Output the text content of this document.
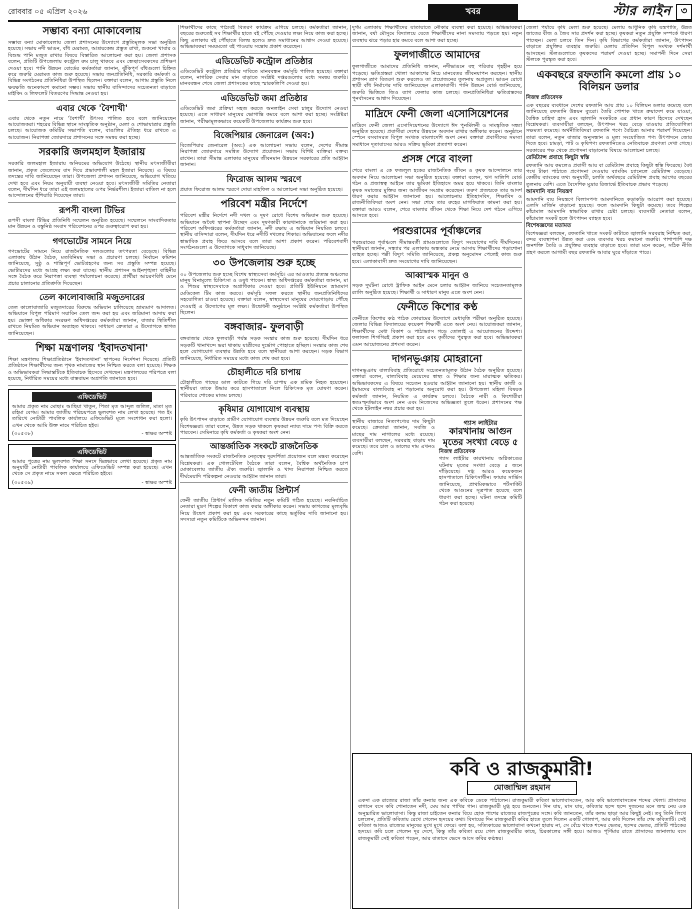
রোববার ০৫ এপ্রিল ২০২৬	খবর	স্টার লাইন ৩
সম্ভাব্য বন্যা মোকাবেলায়
সম্ভাব্য বন্যা মোকাবেলায় জেলা প্রশাসনের উদ্যোগে প্রস্তুতিমূলক সভা অনুষ্ঠিত হয়েছে। সভায় নদী ভাঙন, বাঁধ মেরামত, আশ্রয়কেন্দ্র প্রস্তুত রাখা, শুকনো খাবার ও বিশুদ্ধ পানি মজুত রাখার বিষয়ে বিস্তারিত আলোচনা করা হয়। জেলা প্রশাসক বলেন, প্রতিটি উপজেলায় কন্ট্রোল রুম চালু থাকবে এবং স্বেচ্ছাসেবকদের প্রশিক্ষণ দেওয়া হবে। পানি উন্নয়ন বোর্ডের কর্মকর্তারা জানান, ঝুঁকিপূর্ণ বাঁধগুলো চিহ্নিত করে জরুরি মেরামত কাজ শুরু হয়েছে। সভায় জনপ্রতিনিধি, সরকারি কর্মকর্তা ও বিভিন্ন সংগঠনের প্রতিনিধিরা উপস্থিত ছিলেন। বক্তারা বলেন, আগাম প্রস্তুতি নিলে ক্ষয়ক্ষতি অনেকাংশে কমানো সম্ভব। সভায় স্থানীয় বাসিন্দাদের সচেতনতা বাড়াতে মাইকিং ও লিফলেট বিতরণের সিদ্ধান্ত নেওয়া হয়।
এবার থেকে 'বৈশাখী'
এবার থেকে নতুন নামে 'বৈশাখী' উৎসব পালিত হবে বলে জানিয়েছেন আয়োজকরা। শহরের বিভিন্ন স্থানে সাংস্কৃতিক অনুষ্ঠান, মেলা ও শোভাযাত্রার প্রস্তুতি চলছে। আয়োজক কমিটির সভাপতি বলেন, বাঙালির ঐতিহ্য ধরে রাখতে এ আয়োজন। নিরাপত্তা জোরদারে প্রশাসনের সঙ্গে সমন্বয় করা হচ্ছে।
সরকারি জলমহাল ইজারায়
সরকারি জলমহাল ইজারায় অনিয়মের অভিযোগ উঠেছে। স্থানীয় মৎস্যজীবীরা জানান, প্রকৃত জেলেদের বাদ দিয়ে প্রভাবশালী মহল ইজারা নিয়েছে। এ বিষয়ে তদন্তের দাবি জানিয়েছেন তারা। উপজেলা প্রশাসন জানিয়েছে, অভিযোগ খতিয়ে দেখা হবে এবং নিয়ম অনুযায়ী ব্যবস্থা নেওয়া হবে। মৎস্যজীবী সমিতির নেতারা বলেন, দীর্ঘদিন ধরে তারা এই জলমহালের ওপর নির্ভরশীল। ইজারা বাতিল না হলে আন্দোলনের হুঁশিয়ারি দিয়েছেন তারা।
রূপসী বাংলা টিভির
রূপসী বাংলা টিভির প্রতিনিধি সম্মেলন অনুষ্ঠিত হয়েছে। সম্মেলনে সাংবাদিকতার মান উন্নয়ন ও বস্তুনিষ্ঠ সংবাদ পরিবেশনের ওপর গুরুত্বারোপ করা হয়।
গণভোটের সামনে নিয়ে
গণভোটের সামনে নিয়ে রাজনৈতিক দলগুলোর তৎপরতা বেড়েছে। বিভিন্ন এলাকায় উঠান বৈঠক, মতবিনিময় সভা ও প্রচারণা চলছে। নির্বাচন কমিশন জানিয়েছে, সুষ্ঠু ও শান্তিপূর্ণ ভোটগ্রহণের জন্য সব প্রস্তুতি সম্পন্ন হয়েছে। ভোটারদের মধ্যে আগ্রহ লক্ষ্য করা যাচ্ছে। স্থানীয় প্রশাসন আইনশৃঙ্খলা বাহিনীর সঙ্গে বৈঠক করে নিরাপত্তা ব্যবস্থা পর্যালোচনা করেছে। প্রার্থীরা আচরণবিধি মেনে প্রচার চালানোর প্রতিশ্রুতি দিয়েছেন।
তেল কালোবাজারি মজুতদারের
তেল কালোবাজারি মজুতদারের বিরুদ্ধে অভিযান চালিয়েছে ভ্রাম্যমাণ আদালত। অভিযানে বিপুল পরিমাণ সয়াবিন তেল জব্দ করা হয় এবং জরিমানা আদায় করা হয়। ভোক্তা অধিকার সংরক্ষণ অধিদপ্তরের কর্মকর্তারা জানান, বাজার স্থিতিশীল রাখতে নিয়মিত অভিযান অব্যাহত থাকবে। সাধারণ ক্রেতারা এ উদ্যোগকে স্বাগত জানিয়েছেন।
শিক্ষা মন্ত্রণালয় 'ইবাদতখানা'
শিক্ষা মন্ত্রণালয় শিক্ষাপ্রতিষ্ঠানে 'ইবাদতখানা' স্থাপনের নির্দেশনা দিয়েছে। প্রতিটি প্রতিষ্ঠানে শিক্ষার্থীদের জন্য পৃথক নামাজের স্থান নিশ্চিত করতে বলা হয়েছে। শিক্ষক ও অভিভাবকরা সিদ্ধান্তটিকে ইতিবাচক হিসেবে দেখছেন। মন্ত্রণালয়ের পরিপত্রে বলা হয়েছে, নির্ধারিত সময়ের মধ্যে বাস্তবায়ন অগ্রগতি জানাতে হবে।
এফিডেভিট
আমার প্রকৃত নাম মোছাঃ আছিয়া খাতুন, পিতা মৃত আব্দুল জলিল, মাতা মৃত রহিমা বেগম। আমার জাতীয় পরিচয়পত্রে ভুলবশত নাম লেখা হয়েছে। গত ইং তারিখে নোটারী পাবলিক কার্যালয়ে এফিডেভিট মূলে সংশোধন করা হলো। এখন থেকে আমি উক্ত নামে পরিচিত হইব।
(৩০৫৩৮)	- স্বাক্ষর অস্পষ্ট
এফিডেভিট
আমার পুত্রের নাম ভুলবশত শিক্ষা সনদে ভিন্নভাবে লেখা হয়েছে। প্রকৃত নাম অনুযায়ী নোটারী পাবলিক কার্যালয়ে এফিডেভিট সম্পন্ন করা হয়েছে। এখন থেকে সে প্রকৃত নামে সকল ক্ষেত্রে পরিচিত হইবে।
(৩০৫৩৯)	- স্বাক্ষর অস্পষ্ট
শিক্ষার্থীদের কাছে পাঠ্যবই বিতরণ কার্যক্রম এগিয়ে চলছে। কর্মকর্তারা জানান, বছরের শুরুতেই সব শিক্ষার্থীর হাতে বই পৌঁছে দেওয়ার লক্ষ্য নিয়ে কাজ করা হচ্ছে। কিছু এলাকায় বই পৌঁছাতে বিলম্ব হলেও দ্রুত সমাধানের আশ্বাস দেওয়া হয়েছে। অভিভাবকরা সময়মতো বই পাওয়ায় সন্তোষ প্রকাশ করেছেন।
এডিডেভিট কন্ট্রোল প্রতিষ্ঠার
এডিডেভিট কন্ট্রোল প্রতিষ্ঠার দাবিতে মানববন্ধন কর্মসূচি পালিত হয়েছে। বক্তারা বলেন, নাগরিক সেবার মান বাড়াতে সংশ্লিষ্ট দপ্তরগুলোর মধ্যে সমন্বয় জরুরি। মানববন্ধন শেষে জেলা প্রশাসকের কাছে স্মারকলিপি দেওয়া হয়।
এডিডেভিট জমা প্রতিষ্ঠার
এডিডেভিট জমা প্রক্রিয়া সহজ করতে অনলাইন সেবা চালুর উদ্যোগ নেওয়া হয়েছে। এতে সাধারণ মানুষের ভোগান্তি কমবে বলে আশা করা হচ্ছে। সংশ্লিষ্টরা জানান, পরীক্ষামূলকভাবে কয়েকটি উপজেলায় কার্যক্রম শুরু হবে।
বিজেপিয়ার জেনারেল (অব:)
বিজেপিয়ার জেনারেল (অব:) এক আলোচনা সভায় বলেন, দেশের সীমান্ত নিরাপত্তা জোরদারে সমন্বিত উদ্যোগ প্রয়োজন। সভায় বিশিষ্ট ব্যক্তিরা বক্তব্য রাখেন। তারা সীমান্ত এলাকার মানুষের জীবনমান উন্নয়নে সরকারের প্রতি আহ্বান জানান।
ফিরোজ আলম স্মরণে
প্রয়াত ফিরোজ আলম স্মরণে দোয়া মাহফিল ও আলোচনা সভা অনুষ্ঠিত হয়েছে।
পরিবেশ মন্ত্রীর নির্দেশে
পরিবেশ মন্ত্রীর নির্দেশে নদী দখল ও দূষণ রোধে বিশেষ অভিযান শুরু হয়েছে। অভিযানে অবৈধ স্থাপনা উচ্ছেদ এবং দূষণকারী কারখানাকে জরিমানা করা হয়। পরিবেশ অধিদপ্তরের কর্মকর্তারা জানান, নদী রক্ষায় এ অভিযান নিয়মিত চলবে। স্থানীয় বাসিন্দারা বলেন, দীর্ঘদিন ধরে নদীটি দখলের শিকার। অভিযানের ফলে নদীর স্বাভাবিক প্রবাহ ফিরে আসবে বলে তারা আশা প্রকাশ করেন। পরিবেশবাদী সংগঠনগুলো এ উদ্যোগকে সাধুবাদ জানিয়েছে।
৩০ উপজেলায় শুরু হচ্ছে
৩০ উপজেলায় শুরু হচ্ছে বিশেষ স্বাস্থ্যসেবা কর্মসূচি। এর আওতায় প্রত্যন্ত অঞ্চলের মানুষ বিনামূল্যে চিকিৎসা ও ওষুধ পাবেন। স্বাস্থ্য অধিদপ্তরের কর্মকর্তারা জানান, মা ও শিশুর স্বাস্থ্যসেবাকে অগ্রাধিকার দেওয়া হবে। প্রতিটি ইউনিয়নে ভ্রাম্যমাণ মেডিকেল টিম কাজ করবে। কর্মসূচি সফল করতে স্থানীয় জনপ্রতিনিধিদের সহযোগিতা চাওয়া হয়েছে। বক্তারা বলেন, স্বাস্থ্যসেবা মানুষের দোরগোড়ায় পৌঁছে দেওয়াই এ উদ্যোগের মূল লক্ষ্য। উদ্বোধনী অনুষ্ঠানে সংশ্লিষ্ট কর্মকর্তারা উপস্থিত ছিলেন।
বঙ্গবাজার- ফুলবাড়ী
বঙ্গবাজার থেকে ফুলবাড়ী পর্যন্ত সড়ক সংস্কার কাজ শুরু হয়েছে। দীর্ঘদিন ধরে সড়কটি খানাখন্দে ভরা থাকায় যাত্রীদের দুর্ভোগ পোহাতে হচ্ছিল। সংস্কার কাজ শেষ হলে যোগাযোগ ব্যবস্থার উন্নতি হবে বলে স্থানীয়রা আশা করছেন। সড়ক বিভাগ জানিয়েছে, নির্ধারিত সময়ের মধ্যে কাজ শেষ করা হবে।
চৌহালীতে দরি চাপায়
চৌহালীতে গাছের ডাল কাটতে গিয়ে দরি চাপায় এক শ্রমিক নিহত হয়েছেন। স্থানীয়রা তাকে উদ্ধার করে হাসপাতালে নিলে চিকিৎসক মৃত ঘোষণা করেন। পরিবারে শোকের মাতম চলছে।
কৃষিমার যোগাযোগ ব্যবস্থায়
কৃষি উৎপাদন বাড়াতে গ্রামীণ যোগাযোগ ব্যবস্থার উন্নয়ন জরুরি বলে মত দিয়েছেন বিশেষজ্ঞরা। তারা বলেন, উন্নত সড়ক থাকলে কৃষকরা ন্যায্য দামে পণ্য বিক্রি করতে পারবেন। সেমিনারে কৃষি কর্মকর্তা ও কৃষকরা অংশ নেন।
আন্তর্জাতিক সংকটে রাজনৈতিক
আন্তর্জাতিক সংকটে রাজনৈতিক নেতৃত্বের দূরদর্শিতা প্রয়োজন বলে মন্তব্য করেছেন বিশ্লেষকরা। এক গোলটেবিল বৈঠকে তারা বলেন, বৈশ্বিক অর্থনৈতিক চাপ মোকাবেলায় জাতীয় ঐক্য জরুরি। জ্বালানি ও খাদ্য নিরাপত্তা নিশ্চিত করতে দীর্ঘমেয়াদি পরিকল্পনা নেওয়ার আহ্বান জানান তারা।
ফেনী জাতীয় প্রিন্টার্স
ফেনী জাতীয় প্রিন্টার্স মালিক সমিতির নতুন কমিটি গঠিত হয়েছে। নবনির্বাচিত নেতারা মুদ্রণ শিল্পের বিকাশে কাজ করার অঙ্গীকার করেন। সভায় কাগজের মূল্যবৃদ্ধি নিয়ে উদ্বেগ প্রকাশ করা হয় এবং সরকারের কাছে ভর্তুকির দাবি জানানো হয়। সদস্যরা নতুন কমিটিকে অভিনন্দন জানান।
দুর্গম এলাকায় শিক্ষার্থীদের যাতায়াতে নৌকার ব্যবস্থা করা হয়েছে। অভিভাবকরা জানান, বর্ষা মৌসুমে বিদ্যালয়ে যেতে শিক্ষার্থীদের নানা সমস্যায় পড়তে হয়। নতুন ব্যবস্থায় ঝরে পড়ার হার কমবে বলে আশা করা হচ্ছে।
ফুলগাজীতে আমাদের
ফুলগাজীতে আমাদের প্রতিনিধি জানান, নদীভাঙনে বহু পরিবার গৃহহীন হয়ে পড়েছে। ক্ষতিগ্রস্তরা খোলা আকাশের নিচে মানবেতর জীবনযাপন করছেন। স্থানীয় প্রশাসন ত্রাণ বিতরণ শুরু করলেও তা প্রয়োজনের তুলনায় অপ্রতুল। ভাঙন রোধে স্থায়ী বাঁধ নির্মাণের দাবি জানিয়েছেন এলাকাবাসী। পানি উন্নয়ন বোর্ড জানিয়েছে, জরুরি ভিত্তিতে জিও ব্যাগ ফেলার কাজ চলছে। জনপ্রতিনিধিরা ক্ষতিগ্রস্তদের পুনর্বাসনের আশ্বাস দিয়েছেন।
মাদ্রিদে ফেনী জেলা এসোসিয়েশনের
মাদ্রিদে ফেনী জেলা এসোসিয়েশনের উদ্যোগে ঈদ পুনর্মিলনী ও সাংস্কৃতিক সন্ধ্যা অনুষ্ঠিত হয়েছে। প্রবাসীরা দেশের উন্নয়নে অবদান রাখার অঙ্গীকার করেন। অনুষ্ঠানে স্পেনে বসবাসরত বিপুল সংখ্যক বাংলাদেশি অংশ নেন। বক্তারা প্রবাসীদের সমস্যা সমাধানে দূতাবাসের আরও সক্রিয় ভূমিকা প্রত্যাশা করেন।
প্রসঙ্গ শেরে বাংলা
শেরে বাংলা এ কে ফজলুল হকের রাজনৈতিক জীবন ও কৃষক আন্দোলনে তার অবদান নিয়ে আলোচনা সভা অনুষ্ঠিত হয়েছে। বক্তারা বলেন, ঋণ সালিশি বোর্ড গঠন ও প্রজাস্বত্ব আইনে তার ভূমিকা ইতিহাসে অমর হয়ে থাকবে। তিনি বাংলার কৃষক সমাজের মুক্তির জন্য আজীবন সংগ্রাম করেছেন। তরুণ প্রজন্মকে তার আদর্শ ধারণ করার আহ্বান জানানো হয়। আলোচনায় ইতিহাসবিদ, শিক্ষাবিদ ও রাজনীতিবিদরা অংশ নেন। সভা শেষে তার রুহের মাগফিরাত কামনা করা হয়। বক্তারা আরও বলেন, শেরে বাংলার জীবন থেকে শিক্ষা নিয়ে দেশ গঠনে এগিয়ে আসতে হবে।
পরশুরামের পূর্বাঞ্চলের
পরশুরামের পূর্বাঞ্চলে সীমান্তবর্তী গ্রামগুলোতে বিদ্যুৎ সংযোগের দাবি দীর্ঘদিনের। স্থানীয়রা জানান, সন্ধ্যার পর এলাকায় অন্ধকার নেমে আসায় শিক্ষার্থীদের পড়াশোনা ব্যাহত হচ্ছে। পল্লী বিদ্যুৎ সমিতি জানিয়েছে, প্রকল্প অনুমোদন পেলেই কাজ শুরু হবে। এলাকাবাসী দ্রুত সংযোগের দাবি জানিয়েছেন।
আব্বাস্মক মানুন ও
সড়ক দুর্ঘটনা রোধে ট্রাফিক আইন মেনে চলার আহ্বান জানিয়ে সচেতনতামূলক র‍্যালি অনুষ্ঠিত হয়েছে। শিক্ষার্থী ও সাধারণ মানুষ এতে অংশ নেন।
ফেনীতে কিশোর কণ্ঠ
ফেনীতে কিশোর কণ্ঠ পাঠক ফোরামের উদ্যোগে মেধাবৃত্তি পরীক্ষা অনুষ্ঠিত হয়েছে। জেলার বিভিন্ন বিদ্যালয়ের কয়েকশ শিক্ষার্থী এতে অংশ নেয়। আয়োজকরা জানান, শিক্ষার্থীদের মেধা বিকাশ ও পাঠাভ্যাস গড়ে তোলাই এ আয়োজনের উদ্দেশ্য। ফলাফল শিগগিরই প্রকাশ করা হবে এবং কৃতীদের পুরস্কৃত করা হবে। অভিভাবকরা এমন আয়োজনের প্রশংসা করেন।
দাগনভূঞায় মোহরানো
দাগনভূঞায় বাল্যবিবাহ প্রতিরোধে সচেতনতামূলক উঠান বৈঠক অনুষ্ঠিত হয়েছে। বক্তারা বলেন, বাল্যবিবাহ মেয়েদের স্বাস্থ্য ও শিক্ষার জন্য মারাত্মক ক্ষতিকর। অভিভাবকদের এ বিষয়ে সচেতন হওয়ার আহ্বান জানানো হয়। স্থানীয় কাজী ও ইমামদের বাল্যবিবাহ না পড়ানোর অনুরোধ করা হয়। উপজেলা মহিলা বিষয়ক কর্মকর্তা জানান, নিয়মিত এ কার্যক্রম চলবে। বৈঠকে নারী ও কিশোরীরা স্বতঃস্ফূর্তভাবে অংশ নেন এবং নিজেদের অভিজ্ঞতা তুলে ধরেন। প্রশাসনের পক্ষ থেকে হটলাইন নম্বর প্রচার করা হয়।
স্থানীয় বাজারে নিত্যপণ্যের দাম কিছুটা কমেছে। ক্রেতারা জানান, সবজি ও মাছের দাম নাগালের মধ্যে রয়েছে। ব্যবসায়ীরা বলছেন, সরবরাহ বাড়ায় দাম কমেছে। তবে চাল ও ডালের দাম এখনও বেশি।
গ্যাস লাইটার
কারখানায় আগুন মৃতের সংখ্যা বেড়ে ৫
নিজস্ব প্রতিবেদক
গ্যাস লাইটার কারখানায় অগ্নিকাণ্ডের ঘটনায় মৃতের সংখ্যা বেড়ে ৫ জনে দাঁড়িয়েছে। দগ্ধ আরও কয়েকজন হাসপাতালে চিকিৎসাধীন। ফায়ার সার্ভিস জানিয়েছে, প্রাথমিকভাবে শর্টসার্কিট থেকে আগুনের সূত্রপাত হয়েছে বলে ধারণা করা হচ্ছে। ঘটনা তদন্তে কমিটি গঠন করা হয়েছে।
জেলা পর্যায়ে কৃষি মেলা শুরু হয়েছে। মেলায় আধুনিক কৃষি যন্ত্রপাতি, উন্নত জাতের বীজ ও জৈব সার প্রদর্শন করা হচ্ছে। কৃষকরা নতুন প্রযুক্তি সম্পর্কে ধারণা পাচ্ছেন। মেলা চলবে তিন দিন। কৃষি বিভাগের কর্মকর্তারা জানান, উৎপাদন বাড়াতে প্রযুক্তির ব্যবহার জরুরি। মেলায় প্রতিদিন বিপুল সংখ্যক দর্শনার্থী আসছেন। স্টলগুলোতে কৃষকদের পরামর্শ দেওয়া হচ্ছে। সমাপনী দিনে সেরা স্টলকে পুরস্কৃত করা হবে।
একবছরে রফতানি কমলো প্রায় ১০ বিলিয়ন ডলার
নিজস্ব প্রতিবেদক
এক বছরের ব্যবধানে দেশের রফতানি আয় প্রায় ১০ বিলিয়ন ডলার কমেছে বলে জানিয়েছে রফতানি উন্নয়ন ব্যুরো। তৈরি পোশাক খাতে ক্রয়াদেশ কমে যাওয়া, বৈশ্বিক চাহিদা হ্রাস এবং জ্বালানি সংকটকে এর প্রধান কারণ হিসেবে দেখছেন বিশ্লেষকরা। ব্যবসায়ীরা বলছেন, উৎপাদন খরচ বেড়ে যাওয়ায় প্রতিযোগিতা সক্ষমতা কমেছে। অর্থনীতিবিদরা রফতানি পণ্যে বৈচিত্র্য আনার পরামর্শ দিয়েছেন। তারা বলেন, নতুন বাজার অনুসন্ধান ও মূল্য সংযোজিত পণ্য উৎপাদনে জোর দিতে হবে। চামড়া, পাট ও কৃষিপণ্য রফতানিতেও নেতিবাচক প্রবণতা দেখা গেছে। সরকারের পক্ষ থেকে প্রণোদনা বাড়ানোর বিষয়ে আলোচনা চলছে।
রেমিট্যান্স প্রবাহে কিছুটা স্বস্তি
রফতানি আয় কমলেও প্রবাসী আয় বা রেমিট্যান্স প্রবাহে কিছুটা স্বস্তি ফিরেছে। বৈধ পথে টাকা পাঠাতে প্রণোদনা দেওয়ায় ব্যাংকিং চ্যানেলে রেমিট্যান্স বেড়েছে। কেন্দ্রীয় ব্যাংকের তথ্য অনুযায়ী, চলতি অর্থবছরে রেমিট্যান্স প্রবাহ আগের বছরের তুলনায় বেশি। এতে বৈদেশিক মুদ্রার রিজার্ভে ইতিবাচক প্রভাব পড়েছে।
আমদানি ব্যয় নিয়ন্ত্রণ
আমদানি ব্যয় নিয়ন্ত্রণে বিলাসপণ্য আমদানিতে কড়াকড়ি আরোপ করা হয়েছে। এলসি মার্জিন বাড়ানো হয়েছে। ফলে আমদানি কিছুটা কমেছে। তবে শিল্পের কাঁচামাল আমদানি স্বাভাবিক রাখার চেষ্টা চলছে। ব্যবসায়ী নেতারা বলেন, কাঁচামাল সংকট হলে উৎপাদন ব্যাহত হবে।
বিশেষজ্ঞদের মতামত
বিশেষজ্ঞরা বলছেন, রফতানি খাতে সংকট কাটাতে জ্বালানি সরবরাহ নিশ্চিত করা, বন্দর ব্যবস্থাপনা উন্নত করা এবং ব্যবসার খরচ কমানো জরুরি। পাশাপাশি দক্ষ জনশক্তি তৈরি ও প্রযুক্তির ব্যবহার বাড়াতে হবে। তারা মনে করেন, সঠিক নীতি গ্রহণ করলে আগামী বছর রফতানি আবার ঘুরে দাঁড়াতে পারে।
কবি ও রাজকুমারী!
মোজাম্মিল রহমান
একদা এক রাজ্যের রাজা তাঁর কন্যার জন্য এক কবিকে ডেকে পাঠালেন। রাজকুমারী কবিতা ভালোবাসতেন, আর কবি ভালোবাসতেন শব্দের খেলা। প্রাসাদের বাগানে বসে কবি শোনাতেন নদী, মেঘ আর পাখির গান। রাজকুমারী মুগ্ধ হয়ে শুনতেন। দিন যায়, মাস যায়, কবিতার ছন্দে ছন্দে দুজনের মনে জন্ম নেয় এক অনুচ্চারিত ভালোবাসা। কিন্তু রাজা চাইতেন কন্যার বিয়ে হোক পাশের রাজ্যের রাজপুত্রের সঙ্গে। কবি জানতেন, তাঁর কলম ছাড়া আর কিছুই নেই। তবু তিনি লিখে চললেন, প্রতিটি কবিতায় রেখে গেলেন হৃদয়ের কথা। বিদায়ের দিন রাজকুমারী কবির হাতে তুলে দিলেন একটি গোলাপ, আর কবি দিলেন তাঁর শেষ কবিতাটি। সেই কবিতা আজও রাজ্যের মানুষের মুখে মুখে ফেরে। বলা হয়, সত্যিকারের ভালোবাসা কখনো হারায় না, সে বেঁচে থাকে শব্দের ভেতর, ছন্দের ভেতর, প্রতিটি পাঠকের হৃদয়ে। কবি চলে গেলেন দূর দেশে, কিন্তু তাঁর কবিতা রয়ে গেল রাজকুমারীর কাছে, চিরকালের সঙ্গী হয়ে। আজও পূর্ণিমার রাতে প্রাসাদের জানালায় বসে রাজকুমারী সেই কবিতা পড়েন, আর বাতাসে ভেসে আসে কবির কণ্ঠস্বর।
